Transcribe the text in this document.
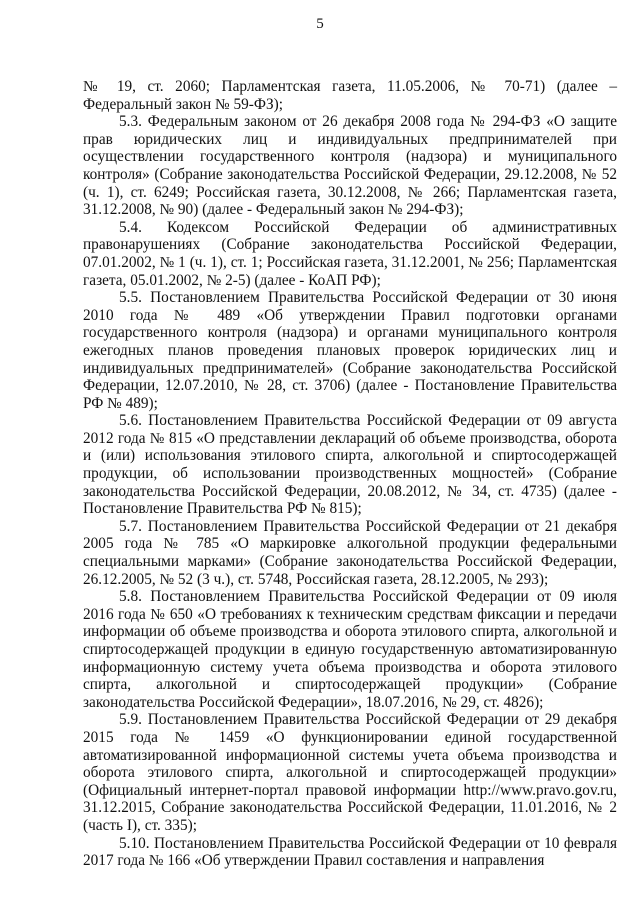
5

№ 19, ст. 2060; Парламентская газета, 11.05.2006, № 70-71) (далее – Федеральный закон № 59-ФЗ);

5.3. Федеральным законом от 26 декабря 2008 года № 294-ФЗ «О защите прав юридических лиц и индивидуальных предпринимателей при осуществлении государственного контроля (надзора) и муниципального контроля» (Собрание законодательства Российской Федерации, 29.12.2008, № 52 (ч. 1), ст. 6249; Российская газета, 30.12.2008, № 266; Парламентская газета, 31.12.2008, № 90) (далее - Федеральный закон № 294-ФЗ);

5.4. Кодексом Российской Федерации об административных правонарушениях (Собрание законодательства Российской Федерации, 07.01.2002, № 1 (ч. 1), ст. 1; Российская газета, 31.12.2001, № 256; Парламентская газета, 05.01.2002, № 2-5) (далее - КоАП РФ);

5.5. Постановлением Правительства Российской Федерации от 30 июня 2010 года № 489 «Об утверждении Правил подготовки органами государственного контроля (надзора) и органами муниципального контроля ежегодных планов проведения плановых проверок юридических лиц и индивидуальных предпринимателей» (Собрание законодательства Российской Федерации, 12.07.2010, № 28, ст. 3706) (далее - Постановление Правительства РФ № 489);

5.6. Постановлением Правительства Российской Федерации от 09 августа 2012 года № 815 «О представлении деклараций об объеме производства, оборота и (или) использования этилового спирта, алкогольной и спиртосодержащей продукции, об использовании производственных мощностей» (Собрание законодательства Российской Федерации, 20.08.2012, № 34, ст. 4735) (далее - Постановление Правительства РФ № 815);

5.7. Постановлением Правительства Российской Федерации от 21 декабря 2005 года № 785 «О маркировке алкогольной продукции федеральными специальными марками» (Собрание законодательства Российской Федерации, 26.12.2005, № 52 (3 ч.), ст. 5748, Российская газета, 28.12.2005, № 293);

5.8. Постановлением Правительства Российской Федерации от 09 июля 2016 года № 650 «О требованиях к техническим средствам фиксации и передачи информации об объеме производства и оборота этилового спирта, алкогольной и спиртосодержащей продукции в единую государственную автоматизированную информационную систему учета объема производства и оборота этилового спирта, алкогольной и спиртосодержащей продукции» (Собрание законодательства Российской Федерации», 18.07.2016, № 29, ст. 4826);

5.9. Постановлением Правительства Российской Федерации от 29 декабря 2015 года № 1459 «О функционировании единой государственной автоматизированной информационной системы учета объема производства и оборота этилового спирта, алкогольной и спиртосодержащей продукции» (Официальный интернет-портал правовой информации http://www.pravo.gov.ru, 31.12.2015, Собрание законодательства Российской Федерации, 11.01.2016, № 2 (часть I), ст. 335);

5.10. Постановлением Правительства Российской Федерации от 10 февраля 2017 года № 166 «Об утверждении Правил составления и направления
